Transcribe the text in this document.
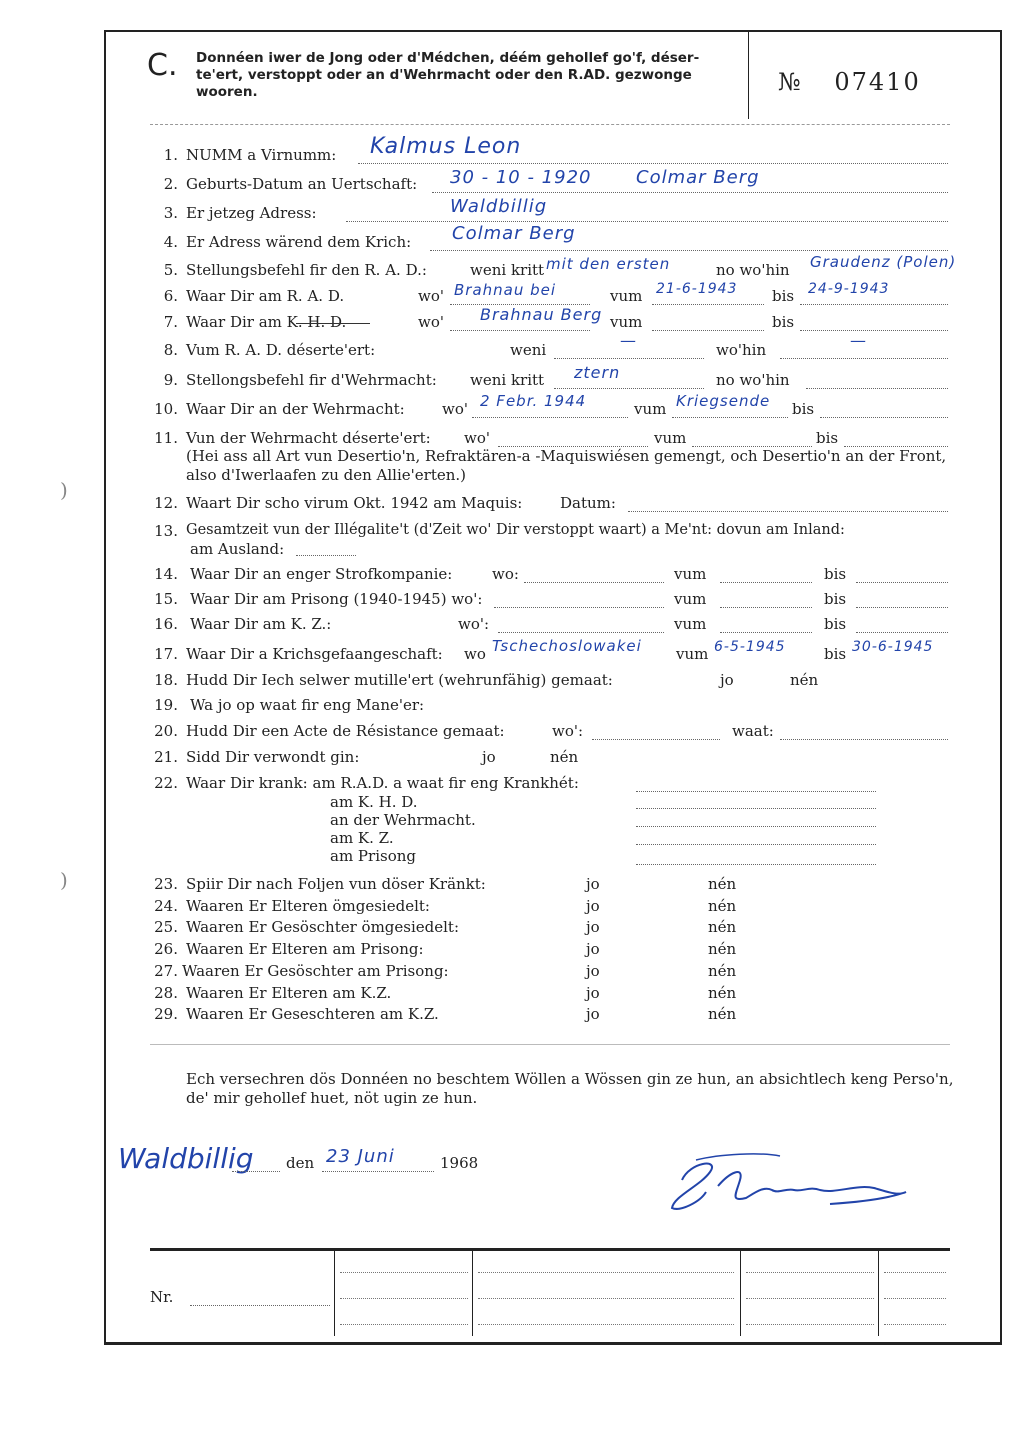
C. Donnéen iwer de Jong oder d'Médchen, déém gehollef go'f, déser-te'ert, verstoppt oder an d'Wehrmacht oder den R.AD. gezwonge wooren.	№ 07410
1. NUMM a Virnumm: Kalmus Leon
2. Geburts-Datum an Uertschaft: 30 - 10 - 1920 Colmar Berg
3. Er jetzeg Adress:	Waldbillig
4. Er Adress wärend dem Krich: Colmar Berg
5. Stellungsbefehl fir den R. A. D.:	weni kritt mit den ersten	no wo'hin Graudenz (Polen)
6. Waar Dir am R. A. D.	wo' Brahnau bei	vum 21-6-1943 bis 24-9-1943
7. Waar Dir am K. H. D.	wo' Brahnau Berg vum	bis
8. Vum R. A. D. déserte'ert:	weni	—	wo'hin	—
9. Stellongsbefehl fir d'Wehrmacht: weni kritt ztern	no wo'hin
10. Waar Dir an der Wehrmacht: wo' 2 Febr. 1944	vum Kriegsende bis
11. Vun der Wehrmacht déserte'ert: wo'	vum	bis
(Hei ass all Art vun Desertio'n, Refraktären-a -Maquiswiésen gemengt, och Desertio'n an der Front, also d'Iwerlaafen zu den Allie'erten.)
12. Waart Dir scho virum Okt. 1942 am Maquis:	Datum:
13. Gesamtzeit vun der Illégalite't (d'Zeit wo' Dir verstoppt waart) a Me'nt: dovun am Inland:
am Ausland:
14. Waar Dir an enger Strofkompanie:	wo:	vum	bis
15. Waar Dir am Prisong (1940-1945) wo':	vum	bis
16. Waar Dir am K. Z.:	wo':	vum	bis
17. Waar Dir a Krichsgefaangeschaft: wo Tschechoslowakei vum 6-5-1945	bis 30-6-1945
18. Hudd Dir Iech selwer mutille'ert (wehrunfähig) gemaat:	jo	nén
19. Wa jo op waat fir eng Mane'er:
20. Hudd Dir een Acte de Résistance gemaat:	wo':	waat:
21. Sidd Dir verwondt gin:	jo	nén
22. Waar Dir krank: am R.A.D. a waat fir eng Krankhét:
am K. H. D.
an der Wehrmacht.
am K. Z.
am Prisong
23. Spiir Dir nach Foljen vun döser Kränkt:	jo	nén
24. Waaren Er Elteren ömgesiedelt:	jo	nén
25. Waaren Er Gesöschter ömgesiedelt:	jo	nén
26. Waaren Er Elteren am Prisong:	jo	nén
27. Waaren Er Gesöschter am Prisong:	jo	nén
28. Waaren Er Elteren am K.Z.	jo	nén
29. Waaren Er Geseschteren am K.Z.	jo	nén
Ech versechren dös Donnéen no beschtem Wöllen a Wössen gin ze hun, an absichtlech keng Perso'n, de' mir gehollef huet, nöt ugin ze hun.
Waldbillig den 23 Juni	1968
Nr.
)
)
